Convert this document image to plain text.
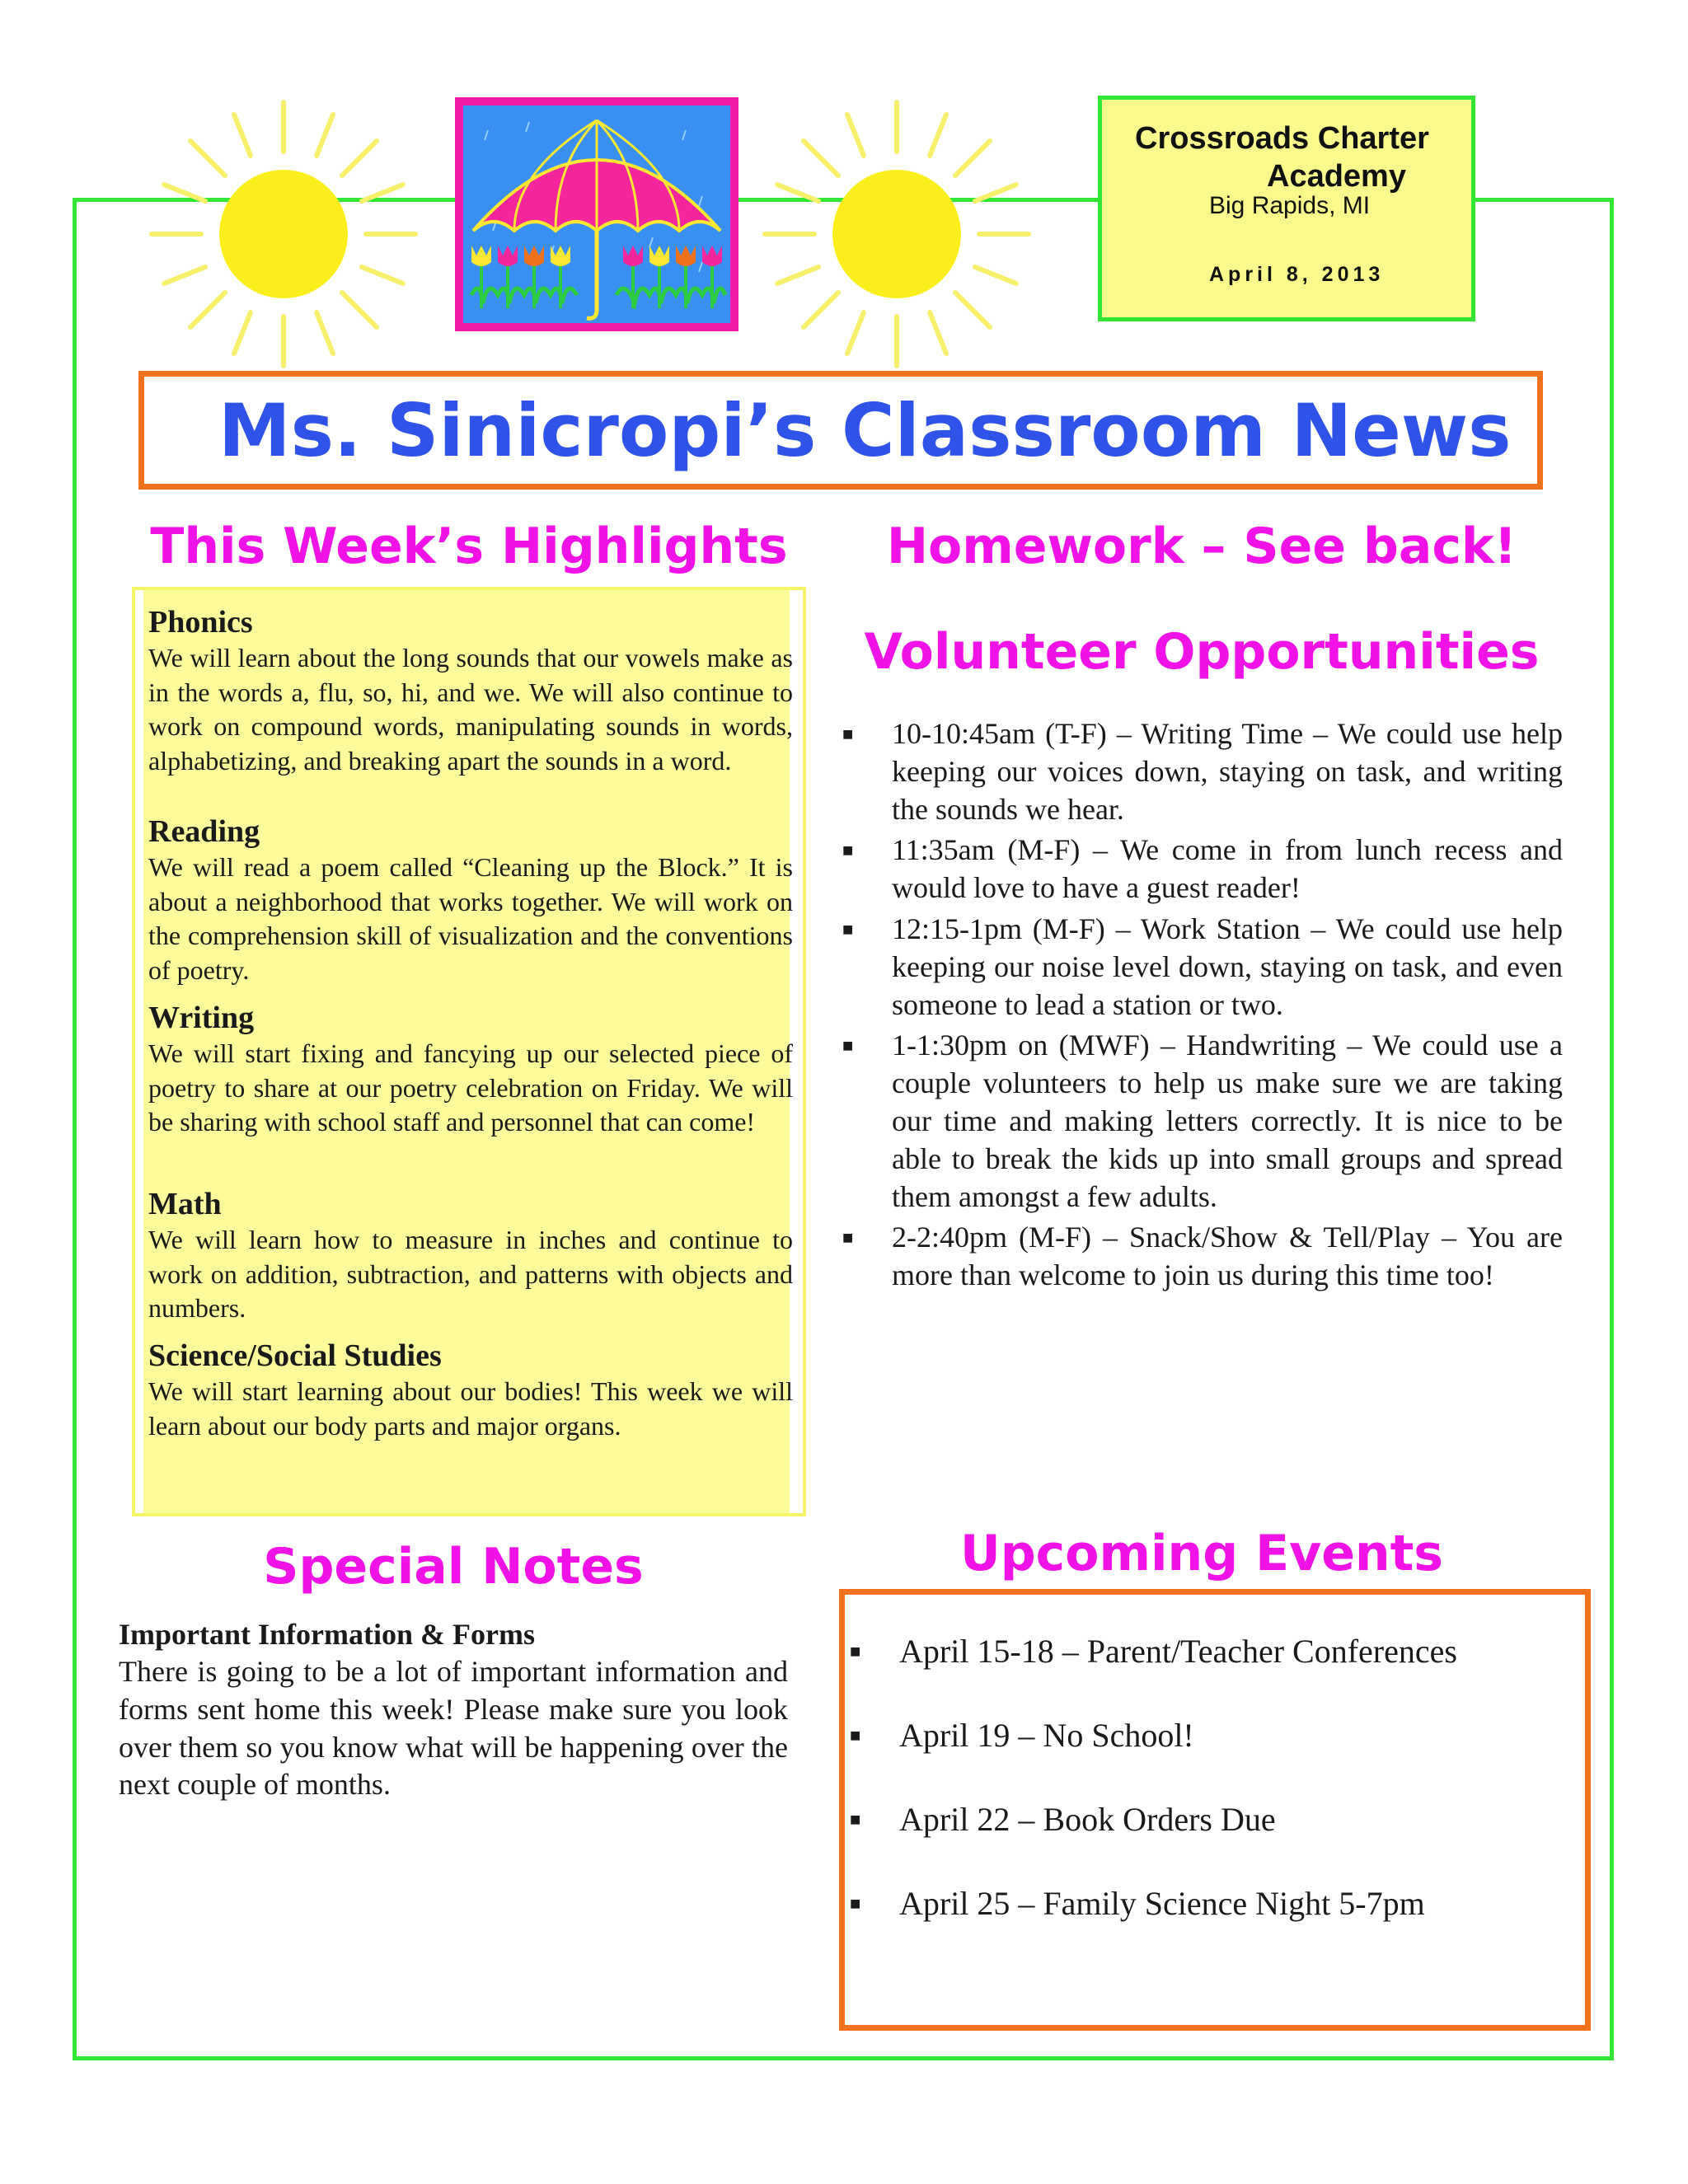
Crossroads Charter
Academy
Big Rapids, MI
April 8, 2013
Ms. Sinicropi’s Classroom News
This Week’s Highlights	Homework – See back!
Volunteer Opportunities
Phonics
We will learn about the long sounds that our vowels make as in the words a, flu, so, hi, and we. We will also continue to work on compound words, manipulating sounds in words, alphabetizing, and breaking apart the sounds in a word.
Reading
We will read a poem called “Cleaning up the Block.” It is about a neighborhood that works together. We will work on the comprehension skill of visualization and the conventions of poetry.
Writing
We will start fixing and fancying up our selected piece of poetry to share at our poetry celebration on Friday. We will be sharing with school staff and personnel that can come!
Math
We will learn how to measure in inches and continue to work on addition, subtraction, and patterns with objects and numbers.
Science/Social Studies
We will start learning about our bodies! This week we will learn about our body parts and major organs.
■ 10-10:45am (T-F) – Writing Time – We could use help keeping our voices down, staying on task, and writing the sounds we hear.
■ 11:35am (M-F) – We come in from lunch recess and would love to have a guest reader!
■ 12:15-1pm (M-F) – Work Station – We could use help keeping our noise level down, staying on task, and even someone to lead a station or two.
■ 1-1:30pm on (MWF) – Handwriting – We could use a couple volunteers to help us make sure we are taking our time and making letters correctly. It is nice to be able to break the kids up into small groups and spread them amongst a few adults.
■ 2-2:40pm (M-F) – Snack/Show & Tell/Play – You are more than welcome to join us during this time too!
Special Notes
Important Information & Forms
There is going to be a lot of important information and forms sent home this week! Please make sure you look over them so you know what will be happening over the next couple of months.
Upcoming Events
■ April 15-18 – Parent/Teacher Conferences
■ April 19 – No School!
■ April 22 – Book Orders Due
■ April 25 – Family Science Night 5-7pm
